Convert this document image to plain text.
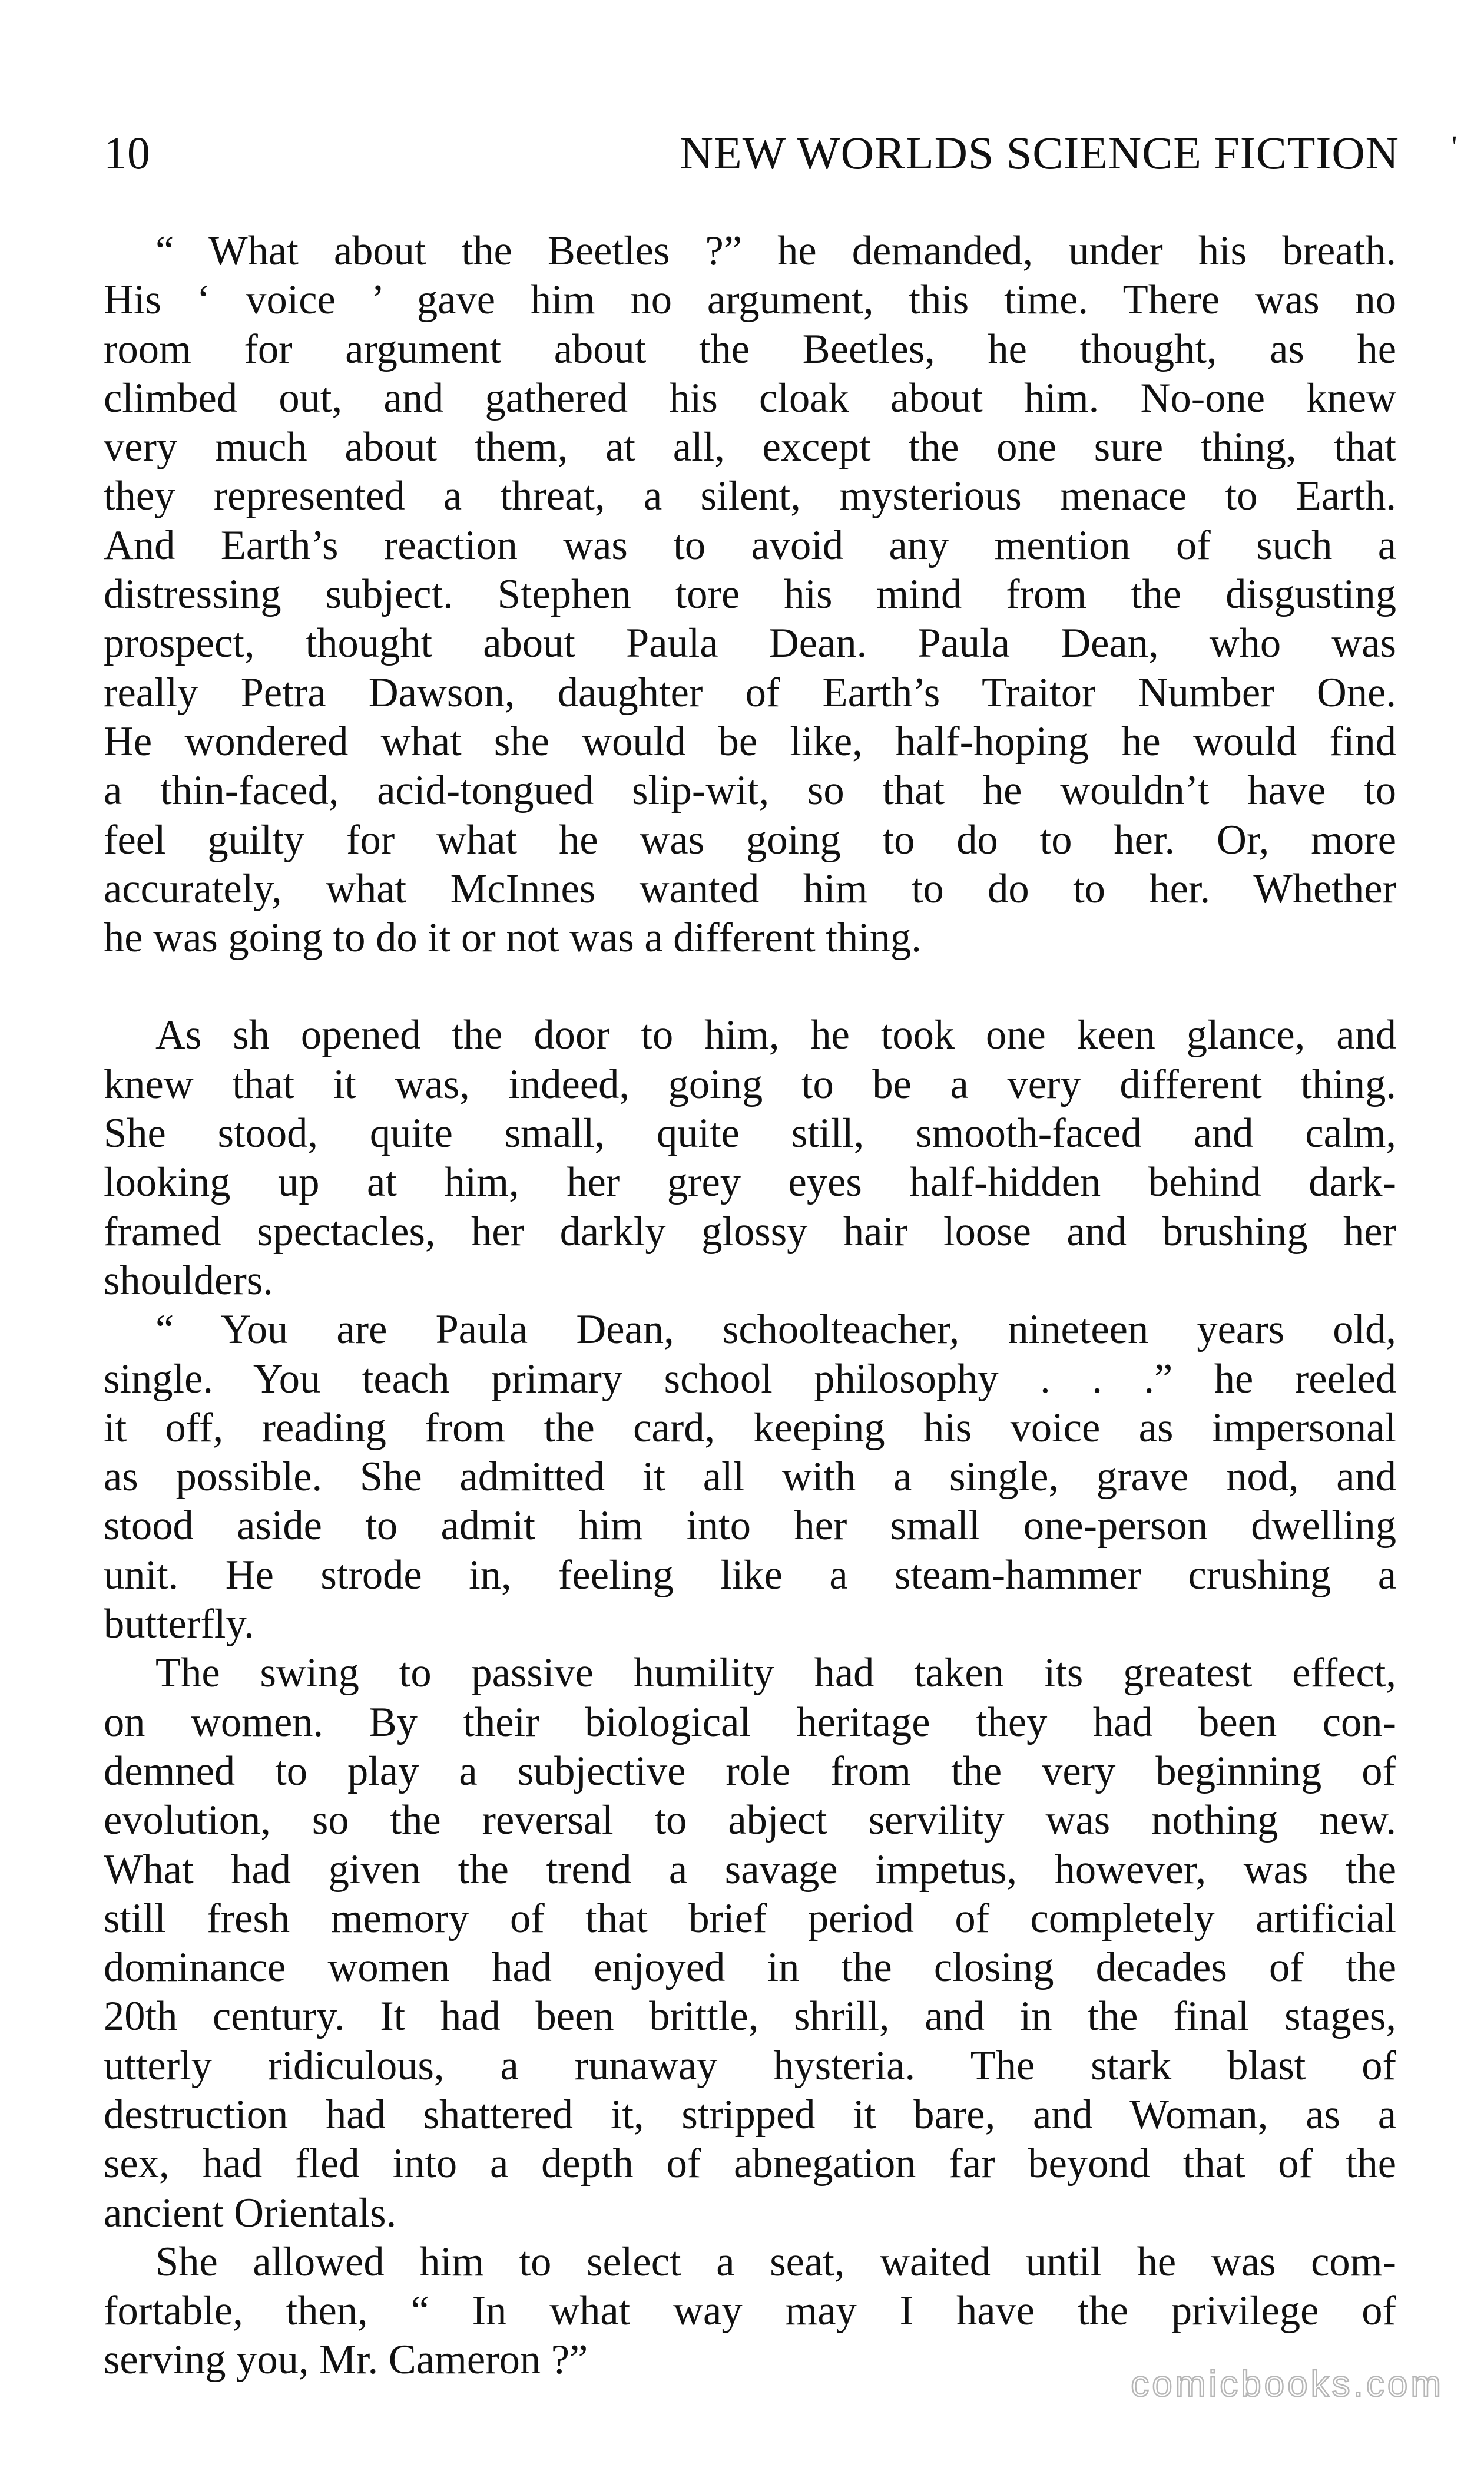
10	NEW WORLDS SCIENCE FICTION '
“ What about the Beetles ?” he demanded, under his breath.
His ‘ voice ’ gave him no argument, this time. There was no
room for argument about the Beetles, he thought, as he
climbed out, and gathered his cloak about him. No-one knew
very much about them, at all, except the one sure thing, that
they represented a threat, a silent, mysterious menace to Earth.
And Earth’s reaction was to avoid any mention of such a
distressing subject. Stephen tore his mind from the disgusting
prospect, thought about Paula Dean. Paula Dean, who was
really Petra Dawson, daughter of Earth’s Traitor Number One.
He wondered what she would be like, half-hoping he would find
a thin-faced, acid-tongued slip-wit, so that he wouldn’t have to
feel guilty for what he was going to do to her. Or, more
accurately, what McInnes wanted him to do to her. Whether
he was going to do it or not was a different thing.
As sh opened the door to him, he took one keen glance, and
knew that it was, indeed, going to be a very different thing.
She stood, quite small, quite still, smooth-faced and calm,
looking up at him, her grey eyes half-hidden behind dark-
framed spectacles, her darkly glossy hair loose and brushing her
shoulders.
“ You are Paula Dean, schoolteacher, nineteen years old,
single. You teach primary school philosophy . . .” he reeled
it off, reading from the card, keeping his voice as impersonal
as possible. She admitted it all with a single, grave nod, and
stood aside to admit him into her small one-person dwelling
unit. He strode in, feeling like a steam-hammer crushing a
butterfly.
The swing to passive humility had taken its greatest effect,
on women. By their biological heritage they had been con-
demned to play a subjective role from the very beginning of
evolution, so the reversal to abject servility was nothing new.
What had given the trend a savage impetus, however, was the
still fresh memory of that brief period of completely artificial
dominance women had enjoyed in the closing decades of the
20th century. It had been brittle, shrill, and in the final stages,
utterly ridiculous, a runaway hysteria. The stark blast of
destruction had shattered it, stripped it bare, and Woman, as a
sex, had fled into a depth of abnegation far beyond that of the
ancient Orientals.
She allowed him to select a seat, waited until he was com-
fortable, then, “ In what way may I have the privilege of
serving you, Mr. Cameron ?”
comicbooks.com
